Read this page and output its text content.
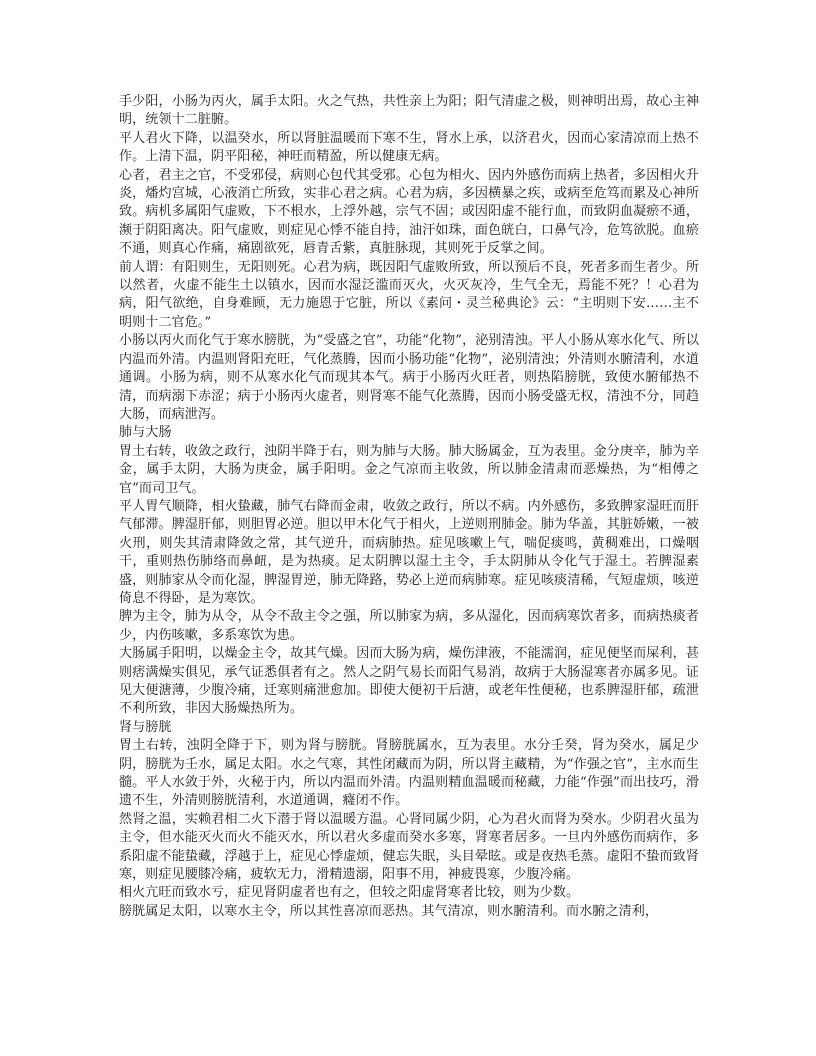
手少阳，小肠为丙火，属手太阳。火之气热，共性亲上为阳；阳气清虚之极，则神明出焉，故心主神明，统领十二脏腑。

平人君火下降，以温癸水，所以肾脏温暖而下寒不生，肾水上承，以济君火，因而心家清凉而上热不作。上清下温，阴平阳秘，神旺而精盈，所以健康无病。

心者，君主之官，不受邪侵，病则心包代其受邪。心包为相火、因内外感伤而病上热者，多因相火升炎，燔灼宫城，心液消亡所致，实非心君之病。心君为病，多因横暴之疾，或病至危笃而累及心神所致。病机多属阳气虚败，下不根水，上浮外越，宗气不固；或因阳虚不能行血，而致阴血凝瘀不通，濒于阴阳离决。阳气虚败，则症见心悸不能自持，油汗如珠，面色㿠白，口鼻气冷，危笃欲脱。血瘀不通，则真心作痛，痛剧欲死，唇青舌紫，真脏脉现，其则死于反掌之间。

前人谓：有阳则生，无阳则死。心君为病，既因阳气虚败所致，所以预后不良，死者多而生者少。所以然者，火虚不能生土以镇水，因而水湿泛滥而灭火，火灭灰冷，生气全无，焉能不死？！心君为病，阳气欲绝，自身难顾，无力施恩于它脏，所以《素问・灵兰秘典论》云：“主明则下安……主不明则十二官危。”

小肠以丙火而化气于寒水膀胱，为“受盛之官”，功能“化物”，泌别清浊。平人小肠从寒水化气、所以内温而外清。内温则肾阳充旺，气化蒸腾，因而小肠功能“化物”，泌别清浊；外清则水腑清利，水道通调。小肠为病，则不从寒水化气而现其本气。病于小肠丙火旺者，则热陷膀胱，致使水腑郁热不清，而病溺下赤涩；病于小肠丙火虚者，则肾寒不能气化蒸腾，因而小肠受盛无权，清浊不分，同趋大肠，而病泄泻。

肺与大肠

胃土右转，收敛之政行，浊阴半降于右，则为肺与大肠。肺大肠属金，互为表里。金分庚辛，肺为辛金，属手太阴，大肠为庚金，属手阳明。金之气凉而主收敛，所以肺金清肃而恶燥热，为“相傅之官”而司卫气。

平人胃气顺降，相火蛰藏，肺气右降而金肃，收敛之政行，所以不病。内外感伤，多致脾家湿旺而肝气郁滞。脾湿肝郁，则胆胃必逆。胆以甲木化气于相火，上逆则刑肺金。肺为华盖，其脏娇嫩，一被火刑，则失其清肃降敛之常，其气逆升，而病肺热。症见咳嗽上气，喘促痰鸣，黄稠难出，口燥咽干，重则热伤肺络而鼻衄，是为热痰。足太阴脾以湿土主令，手太阴肺从令化气于湿土。若脾湿素盛，则肺家从令而化湿，脾湿胃逆，肺无降路，势必上逆而病肺寒。症见咳痰清稀，气短虚烦，咳逆倚息不得卧，是为寒饮。

脾为主令，肺为从令，从令不敌主令之强，所以肺家为病，多从湿化，因而病寒饮者多，而病热痰者少，内伤咳嗽，多系寒饮为患。

大肠属手阳明，以燥金主令，故其气燥。因而大肠为病，燥伤津液，不能濡润，症见便坚而屎利，甚则痞满燥实俱见，承气证悉俱者有之。然人之阴气易长而阳气易消，故病于大肠湿寒者亦属多见。证见大便溏薄，少腹冷痛，迁寒则痛泄愈加。即使大便初干后溏，或老年性便秘，也系脾湿肝郁，疏泄不利所致，非因大肠燥热所为。

肾与膀胱

胃土右转，浊阴全降于下，则为肾与膀胱。肾膀胱属水，互为表里。水分壬癸，肾为癸水，属足少阴，膀胱为壬水，属足太阳。水之气寒，其性闭藏而为阴，所以肾主藏精，为“作强之官”，主水而生髓。平人水敛于外，火秘于内，所以内温而外清。内温则精血温暖而秘藏，力能“作强”而出技巧，滑遗不生，外清则膀胱清利，水道通调，癃闭不作。

然肾之温，实赖君相二火下潜于肾以温暖方温。心肾同属少阴，心为君火而肾为癸水。少阴君火虽为主令，但水能灭火而火不能灭水，所以君火多虚而癸水多寒，肾寒者居多。一旦内外感伤而病作，多系阳虚不能蛰藏，浮越于上，症见心悸虚烦，健忘失眠，头目晕眩。或是夜热毛蒸。虚阳不蛰而致肾寒，则症见腰膝冷痛，疲软无力，滑精遗溺，阳事不用，神疲畏寒，少腹冷痛。

相火亢旺而致水亏，症见肾阴虚者也有之，但较之阳虚肾寒者比较，则为少数。

膀胱属足太阳，以寒水主令，所以其性喜凉而恶热。其气清凉，则水腑清利。而水腑之清利，
